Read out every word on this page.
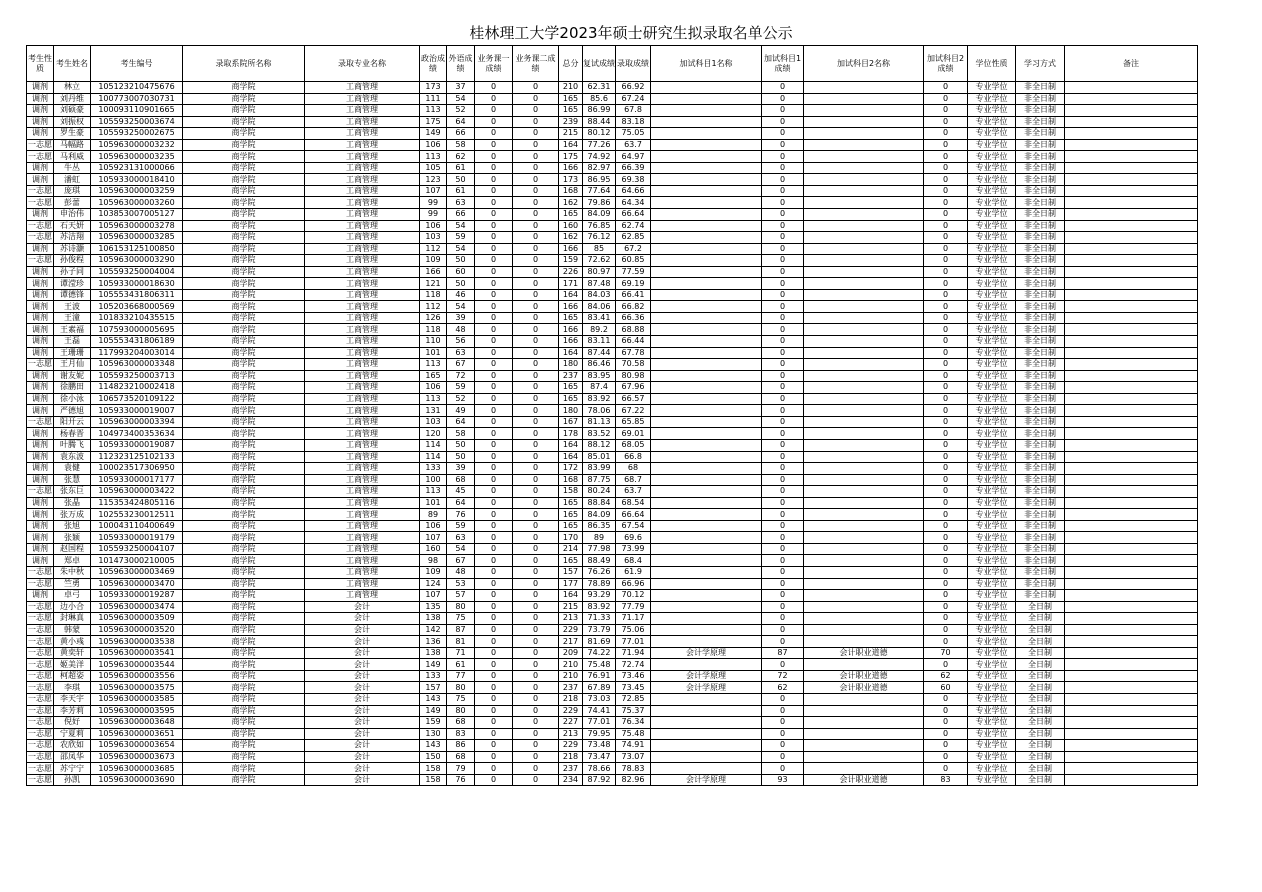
桂林理工大学2023年硕士研究生拟录取名单公示
考生性质	考生姓名	考生编号	录取系院所名称	录取专业名称	政治成绩	外语成绩	业务课一成绩	业务课二成绩	总分	复试成绩	录取成绩	加试科目1名称	加试科目1成绩	加试科目2名称	加试科目2成绩	学位性质	学习方式	备注
调剂	林立	105123210475676	商学院	工商管理	173	37	0	0	210	62.31	66.92		0		0	专业学位	非全日制	
调剂	刘丹维	100773007030731	商学院	工商管理	111	54	0	0	165	85.6	67.24		0		0	专业学位	非全日制	
调剂	刘硕豪	100093110901665	商学院	工商管理	113	52	0	0	165	86.99	67.8		0		0	专业学位	非全日制	
调剂	刘振权	105593250003674	商学院	工商管理	175	64	0	0	239	88.44	83.18		0		0	专业学位	非全日制	
调剂	罗生豪	105593250002675	商学院	工商管理	149	66	0	0	215	80.12	75.05		0		0	专业学位	非全日制	
一志愿	马幅路	105963000003232	商学院	工商管理	106	58	0	0	164	77.26	63.7		0		0	专业学位	非全日制	
一志愿	马利威	105963000003235	商学院	工商管理	113	62	0	0	175	74.92	64.97		0		0	专业学位	非全日制	
调剂	牛丛	105923131000066	商学院	工商管理	105	61	0	0	166	82.97	66.39		0		0	专业学位	非全日制	
调剂	潘虹	105933000018410	商学院	工商管理	123	50	0	0	173	86.95	69.38		0		0	专业学位	非全日制	
一志愿	庞琪	105963000003259	商学院	工商管理	107	61	0	0	168	77.64	64.66		0		0	专业学位	非全日制	
一志愿	彭蕾	105963000003260	商学院	工商管理	99	63	0	0	162	79.86	64.34		0		0	专业学位	非全日制	
调剂	申治伟	103853007005127	商学院	工商管理	99	66	0	0	165	84.09	66.64		0		0	专业学位	非全日制	
一志愿	石天妍	105963000003278	商学院	工商管理	106	54	0	0	160	76.85	62.74		0		0	专业学位	非全日制	
一志愿	苏洁翔	105963000003285	商学院	工商管理	103	59	0	0	162	76.12	62.85		0		0	专业学位	非全日制	
调剂	苏诗灏	106153125100850	商学院	工商管理	112	54	0	0	166	85	67.2		0		0	专业学位	非全日制	
一志愿	孙俊程	105963000003290	商学院	工商管理	109	50	0	0	159	72.62	60.85		0		0	专业学位	非全日制	
调剂	孙子同	105593250004004	商学院	工商管理	166	60	0	0	226	80.97	77.59		0		0	专业学位	非全日制	
调剂	谭滢珍	105933000018630	商学院	工商管理	121	50	0	0	171	87.48	69.19		0		0	专业学位	非全日制	
调剂	谭德锋	105553431806311	商学院	工商管理	118	46	0	0	164	84.03	66.41		0		0	专业学位	非全日制	
调剂	王波	105203668000569	商学院	工商管理	112	54	0	0	166	84.06	66.82		0		0	专业学位	非全日制	
调剂	王潼	101833210435515	商学院	工商管理	126	39	0	0	165	83.41	66.36		0		0	专业学位	非全日制	
调剂	王素福	107593000005695	商学院	工商管理	118	48	0	0	166	89.2	68.88		0		0	专业学位	非全日制	
调剂	王磊	105553431806189	商学院	工商管理	110	56	0	0	166	83.11	66.44		0		0	专业学位	非全日制	
调剂	王珊珊	117993204003014	商学院	工商管理	101	63	0	0	164	87.44	67.78		0		0	专业学位	非全日制	
一志愿	王月仙	105963000003348	商学院	工商管理	113	67	0	0	180	86.46	70.58		0		0	专业学位	非全日制	
调剂	谢友妮	105593250003713	商学院	工商管理	165	72	0	0	237	83.95	80.98		0		0	专业学位	非全日制	
调剂	徐鹏田	114823210002418	商学院	工商管理	106	59	0	0	165	87.4	67.96		0		0	专业学位	非全日制	
调剂	徐小泳	106573520109122	商学院	工商管理	113	52	0	0	165	83.92	66.57		0		0	专业学位	非全日制	
调剂	严德旭	105933000019007	商学院	工商管理	131	49	0	0	180	78.06	67.22		0		0	专业学位	非全日制	
一志愿	阳开云	105963000003394	商学院	工商管理	103	64	0	0	167	81.13	65.85		0		0	专业学位	非全日制	
调剂	杨春晋	104973400353634	商学院	工商管理	120	58	0	0	178	83.52	69.01		0		0	专业学位	非全日制	
调剂	叶腾飞	105933000019087	商学院	工商管理	114	50	0	0	164	88.12	68.05		0		0	专业学位	非全日制	
调剂	袁东波	112323125102133	商学院	工商管理	114	50	0	0	164	85.01	66.8		0		0	专业学位	非全日制	
调剂	袁健	100023517306950	商学院	工商管理	133	39	0	0	172	83.99	68		0		0	专业学位	非全日制	
调剂	张慧	105933000017177	商学院	工商管理	100	68	0	0	168	87.75	68.7		0		0	专业学位	非全日制	
一志愿	张东巨	105963000003422	商学院	工商管理	113	45	0	0	158	80.24	63.7		0		0	专业学位	非全日制	
调剂	张晶	115353424805116	商学院	工商管理	101	64	0	0	165	88.84	68.54		0		0	专业学位	非全日制	
调剂	张万成	102553230012511	商学院	工商管理	89	76	0	0	165	84.09	66.64		0		0	专业学位	非全日制	
调剂	张旭	100043110400649	商学院	工商管理	106	59	0	0	165	86.35	67.54		0		0	专业学位	非全日制	
调剂	张颖	105933000019179	商学院	工商管理	107	63	0	0	170	89	69.6		0		0	专业学位	非全日制	
调剂	赵国程	105593250004107	商学院	工商管理	160	54	0	0	214	77.98	73.99		0		0	专业学位	非全日制	
调剂	郑卓	101473000210005	商学院	工商管理	98	67	0	0	165	88.49	68.4		0		0	专业学位	非全日制	
一志愿	朱中秋	105963000003469	商学院	工商管理	109	48	0	0	157	76.26	61.9		0		0	专业学位	非全日制	
一志愿	竺勇	105963000003470	商学院	工商管理	124	53	0	0	177	78.89	66.96		0		0	专业学位	非全日制	
调剂	卓弓	105933000019287	商学院	工商管理	107	57	0	0	164	93.29	70.12		0		0	专业学位	非全日制	
一志愿	边小合	105963000003474	商学院	会计	135	80	0	0	215	83.92	77.79		0		0	专业学位	全日制	
一志愿	封琳真	105963000003509	商学院	会计	138	75	0	0	213	71.33	71.17		0		0	专业学位	全日制	
一志愿	韩蒙	105963000003520	商学院	会计	142	87	0	0	229	73.79	75.06		0		0	专业学位	全日制	
一志愿	黄小彧	105963000003538	商学院	会计	136	81	0	0	217	81.69	77.01		0		0	专业学位	全日制	
一志愿	黄奕轩	105963000003541	商学院	会计	138	71	0	0	209	74.22	71.94	会计学原理	87	会计职业道德	70	专业学位	全日制	
一志愿	姬美洋	105963000003544	商学院	会计	149	61	0	0	210	75.48	72.74		0		0	专业学位	全日制	
一志愿	柯超姿	105963000003556	商学院	会计	133	77	0	0	210	76.91	73.46	会计学原理	72	会计职业道德	62	专业学位	全日制	
一志愿	李琪	105963000003575	商学院	会计	157	80	0	0	237	67.89	73.45	会计学原理	62	会计职业道德	60	专业学位	全日制	
一志愿	李天宇	105963000003585	商学院	会计	143	75	0	0	218	73.03	72.85		0		0	专业学位	全日制	
一志愿	李芳莉	105963000003595	商学院	会计	149	80	0	0	229	74.41	75.37		0		0	专业学位	全日制	
一志愿	倪好	105963000003648	商学院	会计	159	68	0	0	227	77.01	76.34		0		0	专业学位	全日制	
一志愿	宁夏莉	105963000003651	商学院	会计	130	83	0	0	213	79.95	75.48		0		0	专业学位	全日制	
一志愿	农欣如	105963000003654	商学院	会计	143	86	0	0	229	73.48	74.91		0		0	专业学位	全日制	
一志愿	邵凤华	105963000003673	商学院	会计	150	68	0	0	218	73.47	73.07		0		0	专业学位	全日制	
一志愿	苏宁宁	105963000003685	商学院	会计	158	79	0	0	237	78.66	78.83		0		0	专业学位	全日制	
一志愿	孙凯	105963000003690	商学院	会计	158	76	0	0	234	87.92	82.96	会计学原理	93	会计职业道德	83	专业学位	全日制	
